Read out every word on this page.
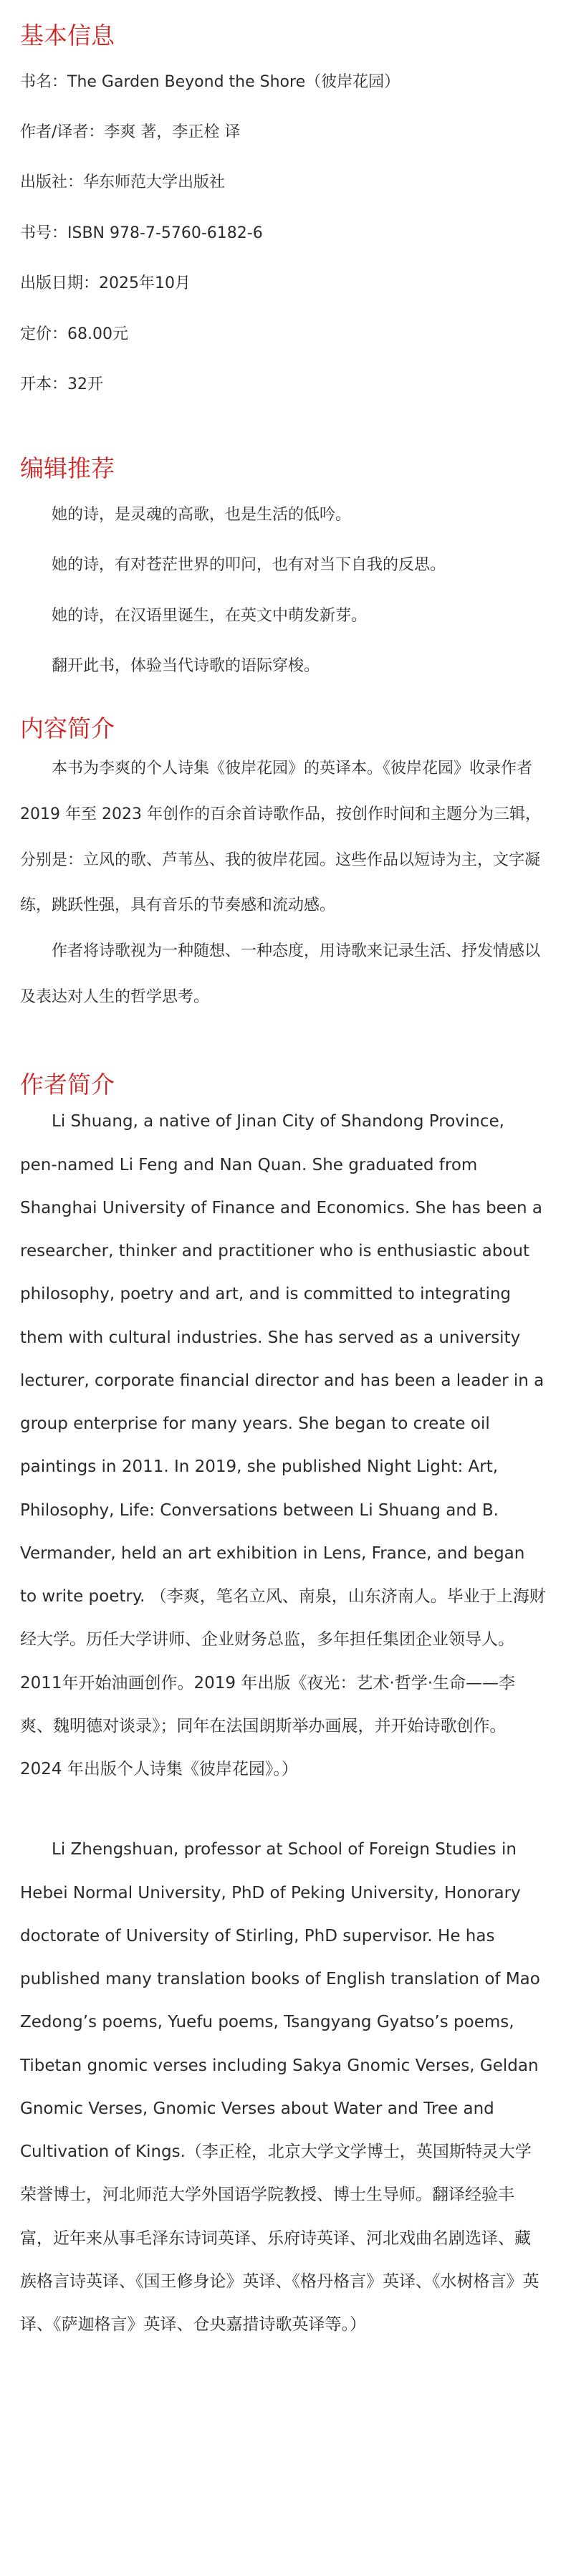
基本信息

书名：The Garden Beyond the Shore（彼岸花园）

作者/译者：李爽 著，李正栓 译

出版社：华东师范大学出版社

书号：ISBN 978-7-5760-6182-6

出版日期：2025年10月

定价：68.00元

开本：32开

编辑推荐

她的诗，是灵魂的高歌，也是生活的低吟。

她的诗，有对苍茫世界的叩问，也有对当下自我的反思。

她的诗，在汉语里诞生，在英文中萌发新芽。

翻开此书，体验当代诗歌的语际穿梭。

内容简介

本书为李爽的个人诗集《彼岸花园》的英译本。《彼岸花园》收录作者 2019 年至 2023 年创作的百余首诗歌作品，按创作时间和主题分为三辑，分别是：立风的歌、芦苇丛、我的彼岸花园。这些作品以短诗为主，文字凝练，跳跃性强，具有音乐的节奏感和流动感。

作者将诗歌视为一种随想、一种态度，用诗歌来记录生活、抒发情感以及表达对人生的哲学思考。

作者简介

Li Shuang, a native of Jinan City of Shandong Province, pen-named Li Feng and Nan Quan. She graduated from Shanghai University of Finance and Economics. She has been a researcher, thinker and practitioner who is enthusiastic about philosophy, poetry and art, and is committed to integrating them with cultural industries. She has served as a university lecturer, corporate financial director and has been a leader in a group enterprise for many years. She began to create oil paintings in 2011. In 2019, she published Night Light: Art, Philosophy, Life: Conversations between Li Shuang and B. Vermander, held an art exhibition in Lens, France, and began to write poetry. （李爽，笔名立风、南泉，山东济南人。毕业于上海财经大学。历任大学讲师、企业财务总监，多年担任集团企业领导人。2011年开始油画创作。2019 年出版《夜光：艺术·哲学·生命——李爽、魏明德对谈录》；同年在法国朗斯举办画展，并开始诗歌创作。2024 年出版个人诗集《彼岸花园》。）

Li Zhengshuan, professor at School of Foreign Studies in Hebei Normal University, PhD of Peking University, Honorary doctorate of University of Stirling, PhD supervisor. He has published many translation books of English translation of Mao Zedong’s poems, Yuefu poems, Tsangyang Gyatso’s poems, Tibetan gnomic verses including Sakya Gnomic Verses, Geldan Gnomic Verses, Gnomic Verses about Water and Tree and Cultivation of Kings.（李正栓，北京大学文学博士，英国斯特灵大学荣誉博士，河北师范大学外国语学院教授、博士生导师。翻译经验丰富，近年来从事毛泽东诗词英译、乐府诗英译、河北戏曲名剧选译、藏族格言诗英译、《国王修身论》英译、《格丹格言》英译、《水树格言》英译、《萨迦格言》英译、仓央嘉措诗歌英译等。）
